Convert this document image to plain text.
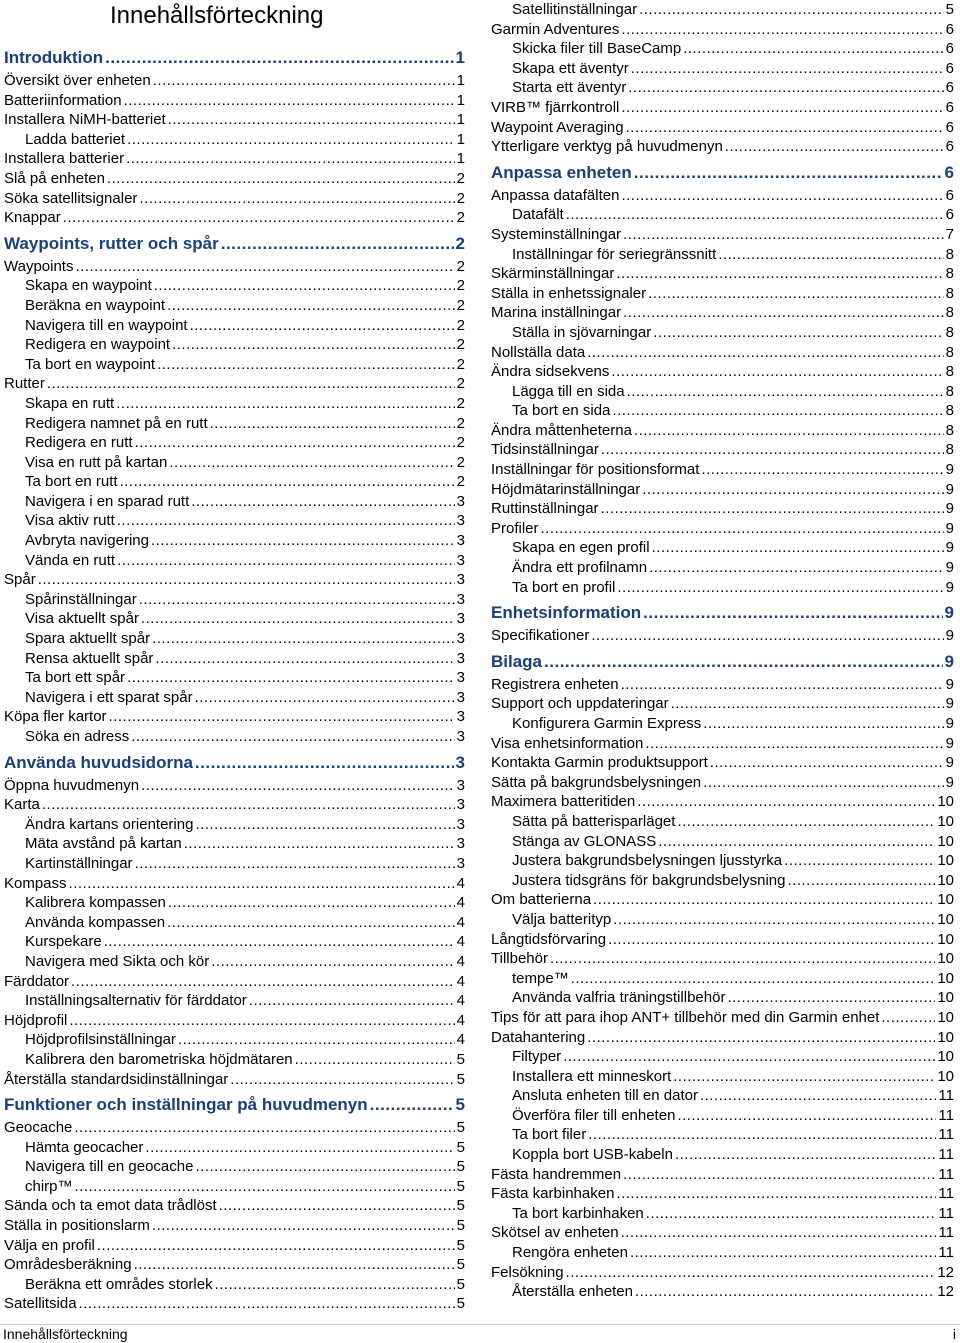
Innehållsförteckning
Introduktion .....	1
Översikt över enheten .....	1
Batteriinformation .....	1
Installera NiMH-batteriet .....	1
Ladda batteriet .....	1
Installera batterier .....	1
Slå på enheten .....	2
Söka satellitsignaler .....	2
Knappar .....	2
Waypoints, rutter och spår .....	2
Waypoints .....	2
Skapa en waypoint .....	2
Beräkna en waypoint .....	2
Navigera till en waypoint .....	2
Redigera en waypoint .....	2
Ta bort en waypoint .....	2
Rutter .....	2
Skapa en rutt .....	2
Redigera namnet på en rutt .....	2
Redigera en rutt .....	2
Visa en rutt på kartan .....	2
Ta bort en rutt .....	2
Navigera i en sparad rutt .....	3
Visa aktiv rutt .....	3
Avbryta navigering .....	3
Vända en rutt .....	3
Spår .....	3
Spårinställningar .....	3
Visa aktuellt spår .....	3
Spara aktuellt spår .....	3
Rensa aktuellt spår .....	3
Ta bort ett spår .....	3
Navigera i ett sparat spår .....	3
Köpa fler kartor .....	3
Söka en adress .....	3
Använda huvudsidorna .....	3
Öppna huvudmenyn .....	3
Karta .....	3
Ändra kartans orientering .....	3
Mäta avstånd på kartan .....	3
Kartinställningar .....	3
Kompass .....	4
Kalibrera kompassen .....	4
Använda kompassen .....	4
Kurspekare .....	4
Navigera med Sikta och kör .....	4
Färddator .....	4
Inställningsalternativ för färddator .....	4
Höjdprofil .....	4
Höjdprofilsinställningar .....	4
Kalibrera den barometriska höjdmätaren .....	5
Återställa standardsidinställningar .....	5
Funktioner och inställningar på huvudmenyn .....	5
Geocache .....	5
Hämta geocacher .....	5
Navigera till en geocache .....	5
chirp™ .....	5
Sända och ta emot data trådlöst .....	5
Ställa in positionslarm .....	5
Välja en profil .....	5
Områdesberäkning .....	5
Beräkna ett områdes storlek .....	5
Satellitsida .....	5
Satellitinställningar .....	5
Garmin Adventures .....	6
Skicka filer till BaseCamp .....	6
Skapa ett äventyr .....	6
Starta ett äventyr .....	6
VIRB™ fjärrkontroll .....	6
Waypoint Averaging .....	6
Ytterligare verktyg på huvudmenyn .....	6
Anpassa enheten .....	6
Anpassa datafälten .....	6
Datafält .....	6
Systeminställningar .....	7
Inställningar för seriegränssnitt .....	8
Skärminställningar .....	8
Ställa in enhetssignaler .....	8
Marina inställningar .....	8
Ställa in sjövarningar .....	8
Nollställa data .....	8
Ändra sidsekvens .....	8
Lägga till en sida .....	8
Ta bort en sida .....	8
Ändra måttenheterna .....	8
Tidsinställningar .....	8
Inställningar för positionsformat .....	9
Höjdmätarinställningar .....	9
Ruttinställningar .....	9
Profiler .....	9
Skapa en egen profil .....	9
Ändra ett profilnamn .....	9
Ta bort en profil .....	9
Enhetsinformation .....	9
Specifikationer .....	9
Bilaga .....	9
Registrera enheten .....	9
Support och uppdateringar .....	9
Konfigurera Garmin Express .....	9
Visa enhetsinformation .....	9
Kontakta Garmin produktsupport .....	9
Sätta på bakgrundsbelysningen .....	9
Maximera batteritiden .....	10
Sätta på batterisparläget .....	10
Stänga av GLONASS .....	10
Justera bakgrundsbelysningen ljusstyrka .....	10
Justera tidsgräns för bakgrundsbelysning .....	10
Om batterierna .....	10
Välja batterityp .....	10
Långtidsförvaring .....	10
Tillbehör .....	10
tempe™ .....	10
Använda valfria träningstillbehör .....	10
Tips för att para ihop ANT+ tillbehör med din Garmin enhet .....	10
Datahantering .....	10
Filtyper .....	10
Installera ett minneskort .....	10
Ansluta enheten till en dator .....	11
Överföra filer till enheten .....	11
Ta bort filer .....	11
Koppla bort USB-kabeln .....	11
Fästa handremmen .....	11
Fästa karbinhaken .....	11
Ta bort karbinhaken .....	11
Skötsel av enheten .....	11
Rengöra enheten .....	11
Felsökning .....	12
Återställa enheten .....	12
Innehållsförteckning	i
